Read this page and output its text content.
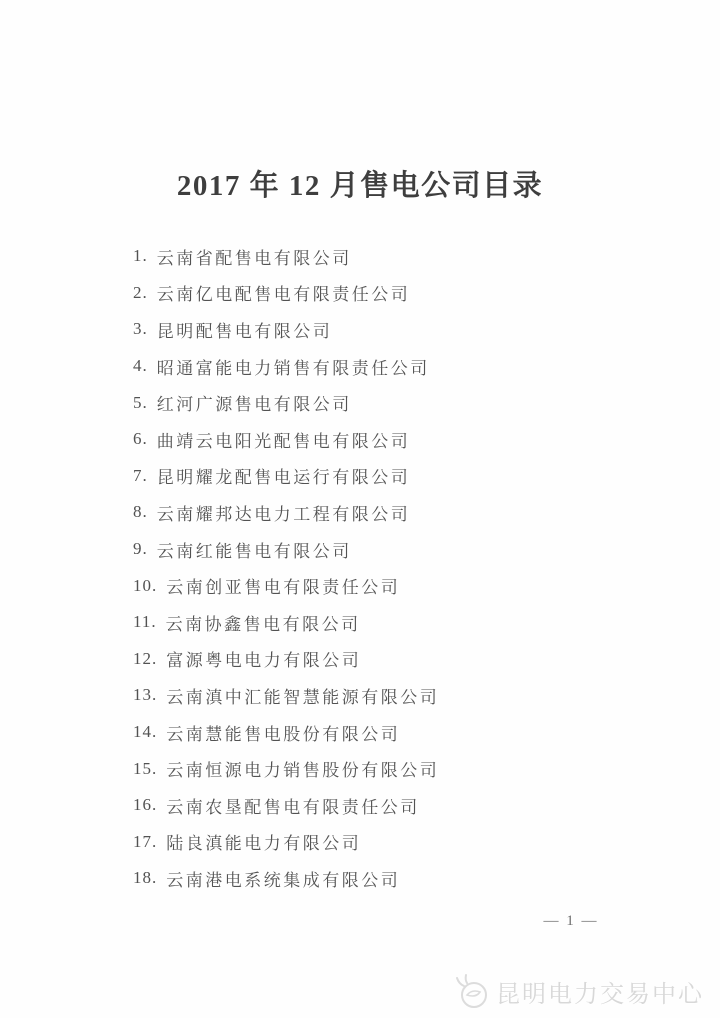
2017 年 12 月售电公司目录
1. 云南省配售电有限公司
2. 云南亿电配售电有限责任公司
3. 昆明配售电有限公司
4. 昭通富能电力销售有限责任公司
5. 红河广源售电有限公司
6. 曲靖云电阳光配售电有限公司
7. 昆明耀龙配售电运行有限公司
8. 云南耀邦达电力工程有限公司
9. 云南红能售电有限公司
10. 云南创亚售电有限责任公司
11. 云南协鑫售电有限公司
12. 富源粤电电力有限公司
13. 云南滇中汇能智慧能源有限公司
14. 云南慧能售电股份有限公司
15. 云南恒源电力销售股份有限公司
16. 云南农垦配售电有限责任公司
17. 陆良滇能电力有限公司
18. 云南港电系统集成有限公司
— 1 —
昆明电力交易中心
